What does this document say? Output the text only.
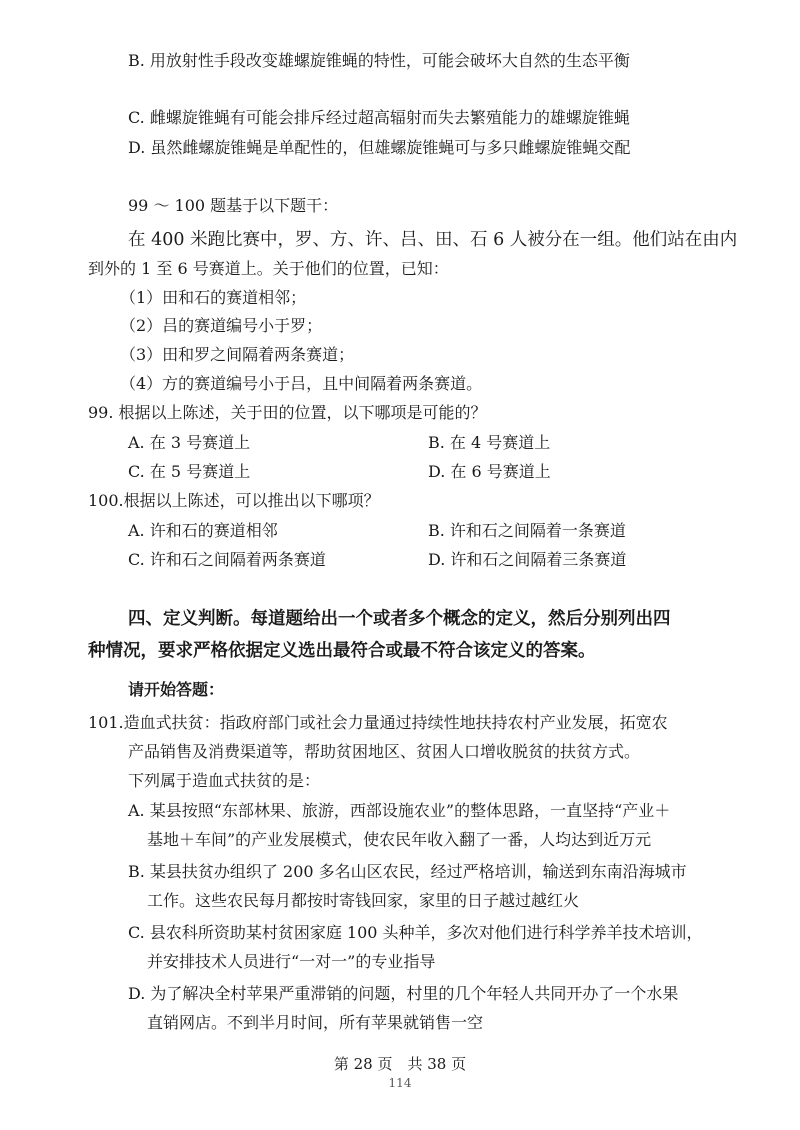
B. 用放射性手段改变雄螺旋锥蝇的特性，可能会破坏大自然的生态平衡
C. 雌螺旋锥蝇有可能会排斥经过超高辐射而失去繁殖能力的雄螺旋锥蝇
D. 虽然雌螺旋锥蝇是单配性的，但雄螺旋锥蝇可与多只雌螺旋锥蝇交配
99 ～ 100 题基于以下题干：
在 400 米跑比赛中，罗、方、许、吕、田、石 6 人被分在一组。他们站在由内
到外的 1 至 6 号赛道上。关于他们的位置，已知：
（1）田和石的赛道相邻；
（2）吕的赛道编号小于罗；
（3）田和罗之间隔着两条赛道；
（4）方的赛道编号小于吕，且中间隔着两条赛道。
99. 根据以上陈述，关于田的位置，以下哪项是可能的？
A. 在 3 号赛道上	B. 在 4 号赛道上
C. 在 5 号赛道上	D. 在 6 号赛道上
100.根据以上陈述，可以推出以下哪项？
A. 许和石的赛道相邻	B. 许和石之间隔着一条赛道
C. 许和石之间隔着两条赛道	D. 许和石之间隔着三条赛道
四、定义判断。每道题给出一个或者多个概念的定义，然后分别列出四
种情况，要求严格依据定义选出最符合或最不符合该定义的答案。
请开始答题：
101.造血式扶贫：指政府部门或社会力量通过持续性地扶持农村产业发展，拓宽农
产品销售及消费渠道等，帮助贫困地区、贫困人口增收脱贫的扶贫方式。
下列属于造血式扶贫的是：
A. 某县按照“东部林果、旅游，西部设施农业”的整体思路，一直坚持“产业＋
基地＋车间”的产业发展模式，使农民年收入翻了一番，人均达到近万元
B. 某县扶贫办组织了 200 多名山区农民，经过严格培训，输送到东南沿海城市
工作。这些农民每月都按时寄钱回家，家里的日子越过越红火
C. 县农科所资助某村贫困家庭 100 头种羊，多次对他们进行科学养羊技术培训，
并安排技术人员进行“一对一”的专业指导
D. 为了解决全村苹果严重滞销的问题，村里的几个年轻人共同开办了一个水果
直销网店。不到半月时间，所有苹果就销售一空
第 28 页　共 38 页
114
